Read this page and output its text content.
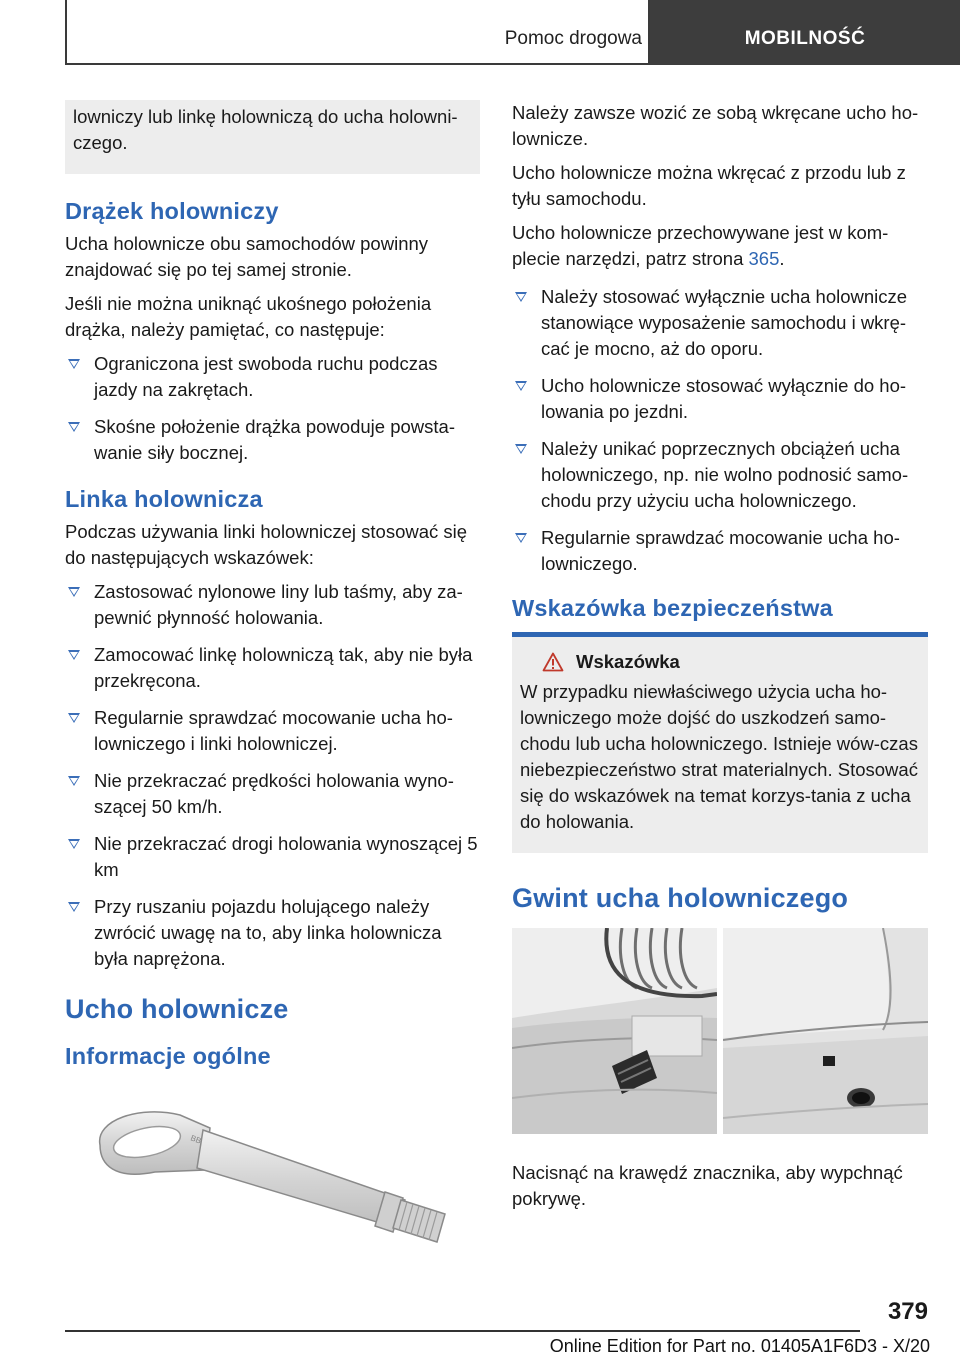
Pomoc drogowa	MOBILNOŚĆ

lowniczy lub linkę holowniczą do ucha holowni-czego.

Drążek holowniczy

Ucha holownicze obu samochodów powinny znajdować się po tej samej stronie.

Jeśli nie można uniknąć ukośnego położenia drążka, należy pamiętać, co następuje:

Ograniczona jest swoboda ruchu podczas jazdy na zakrętach.
Skośne położenie drążka powoduje powsta-wanie siły bocznej.
Linka holownicza

Podczas używania linki holowniczej stosować się do następujących wskazówek:

Zastosować nylonowe liny lub taśmy, aby za-pewnić płynność holowania.
Zamocować linkę holowniczą tak, aby nie była przekręcona.
Regularnie sprawdzać mocowanie ucha ho-lowniczego i linki holowniczej.
Nie przekraczać prędkości holowania wyno-szącej 50 km/h.
Nie przekraczać drogi holowania wynoszącej 5 km
Przy ruszaniu pojazdu holującego należy zwrócić uwagę na to, aby linka holownicza była naprężona.
Ucho holownicze
Informacje ogólne
BB

Należy zawsze wozić ze sobą wkręcane ucho ho-lownicze.

Ucho holownicze można wkręcać z przodu lub z tyłu samochodu.

Ucho holownicze przechowywane jest w kom-plecie narzędzi, patrz strona 365.

Należy stosować wyłącznie ucha holownicze stanowiące wyposażenie samochodu i wkrę-cać je mocno, aż do oporu.
Ucho holownicze stosować wyłącznie do ho-lowania po jezdni.
Należy unikać poprzecznych obciążeń ucha holowniczego, np. nie wolno podnosić samo-chodu przy użyciu ucha holowniczego.
Regularnie sprawdzać mocowanie ucha ho-lowniczego.
Wskazówka bezpieczeństwa
Wskazówka

W przypadku niewłaściwego użycia ucha ho-lowniczego może dojść do uszkodzeń samo-chodu lub ucha holowniczego. Istnieje wów-czas niebezpieczeństwo strat materialnych. Stosować się do wskazówek na temat korzys-tania z ucha do holowania.

Gwint ucha holowniczego

Nacisnąć na krawędź znacznika, aby wypchnąć pokrywę.

379
Online Edition for Part no. 01405A1F6D3 - X/20
